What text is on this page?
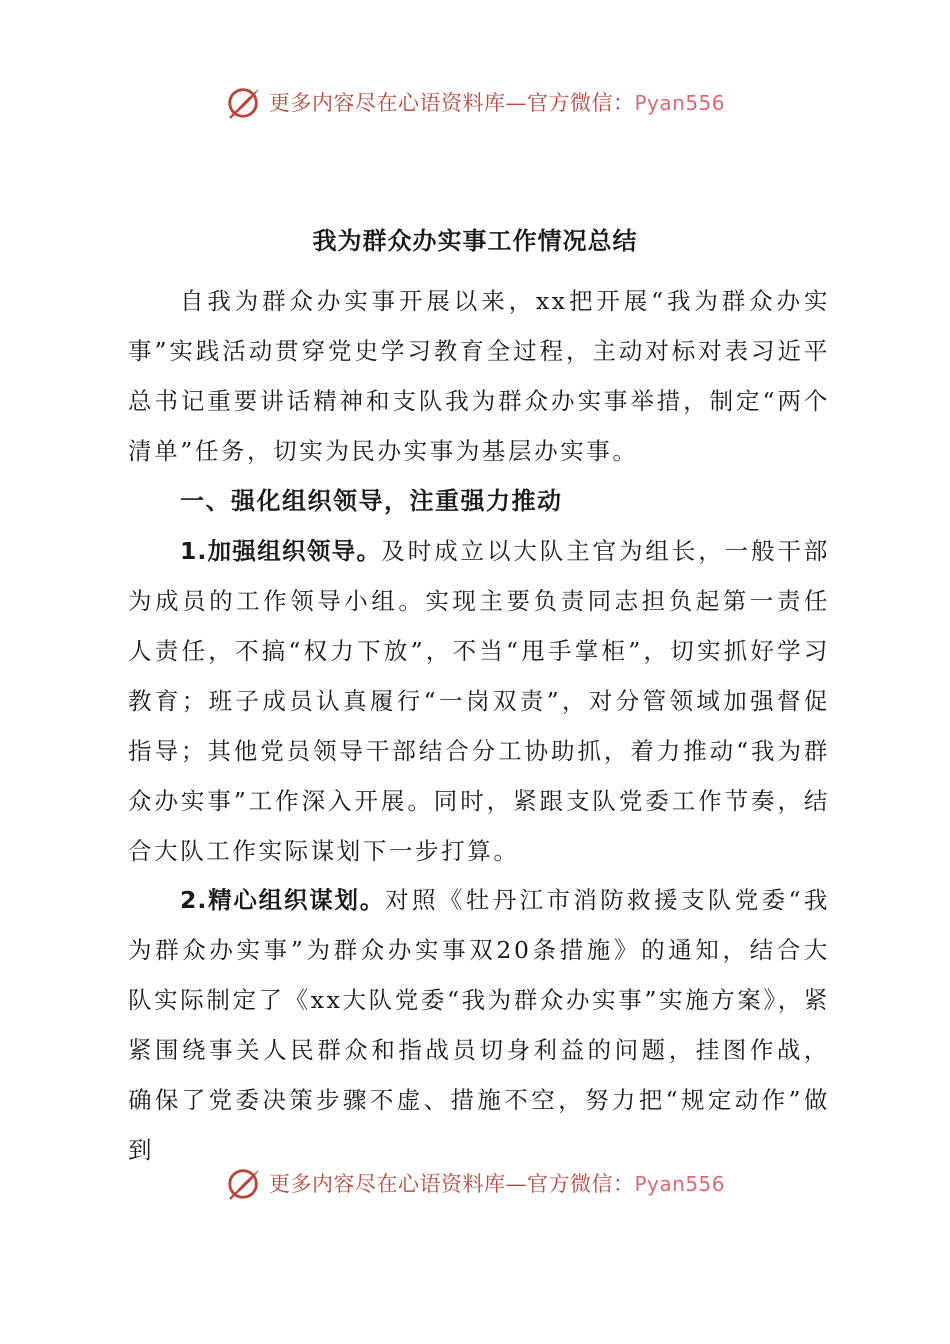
更多内容尽在心语资料库—官方微信：Pyan556
我为群众办实事工作情况总结

自我为群众办实事开展以来，xx把开展“我为群众办实事”实践活动贯穿党史学习教育全过程，主动对标对表习近平总书记重要讲话精神和支队我为群众办实事举措，制定“两个清单”任务，切实为民办实事为基层办实事。

一、强化组织领导，注重强力推动

1.加强组织领导。及时成立以大队主官为组长，一般干部为成员的工作领导小组。实现主要负责同志担负起第一责任人责任，不搞“权力下放”，不当“甩手掌柜”，切实抓好学习教育；班子成员认真履行“一岗双责”，对分管领域加强督促指导；其他党员领导干部结合分工协助抓，着力推动“我为群众办实事”工作深入开展。同时，紧跟支队党委工作节奏，结合大队工作实际谋划下一步打算。

2.精心组织谋划。对照《牡丹江市消防救援支队党委“我为群众办实事”为群众办实事双20条措施》的通知，结合大队实际制定了《xx大队党委“我为群众办实事”实施方案》，紧紧围绕事关人民群众和指战员切身利益的问题，挂图作战，确保了党委决策步骤不虚、措施不空，努力把“规定动作”做到

更多内容尽在心语资料库—官方微信：Pyan556
